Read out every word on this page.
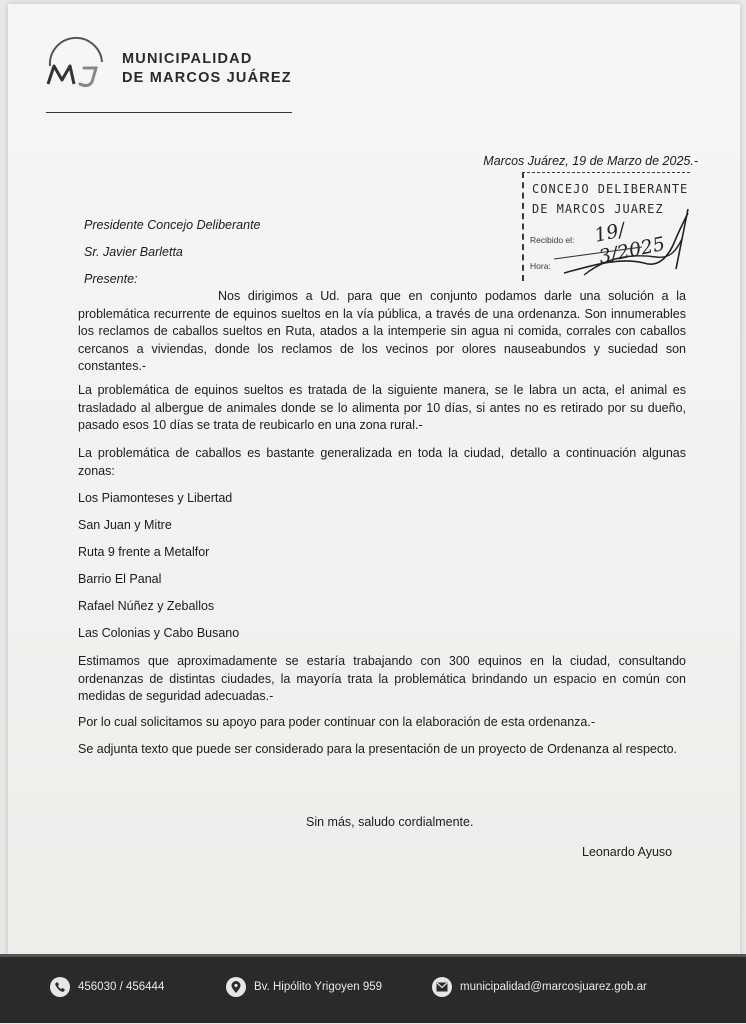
MUNICIPALIDAD
DE MARCOS JUÁREZ
Marcos Juárez, 19 de Marzo de 2025.-
CONCEJO DELIBERANTE
DE MARCOS JUAREZ
Recibido el:
Hora:
19/ 3/2025
Presidente Concejo Deliberante
Sr. Javier Barletta
Presente:
Nos dirigimos a Ud. para que en conjunto podamos darle una solución a la problemática recurrente de equinos sueltos en la vía pública, a través de una ordenanza. Son innumerables los reclamos de caballos sueltos en Ruta, atados a la intemperie sin agua ni comida, corrales con caballos cercanos a viviendas, donde los reclamos de los vecinos por olores nauseabundos y suciedad son constantes.-
La problemática de equinos sueltos es tratada de la siguiente manera, se le labra un acta, el animal es trasladado al albergue de animales donde se lo alimenta por 10 días, si antes no es retirado por su dueño, pasado esos 10 días se trata de reubicarlo en una zona rural.-
La problemática de caballos es bastante generalizada en toda la ciudad, detallo a continuación algunas zonas:
Los Piamonteses y Libertad
San Juan y Mitre
Ruta 9 frente a Metalfor
Barrio El Panal
Rafael Núñez y Zeballos
Las Colonias y Cabo Busano
Estimamos que aproximadamente se estaría trabajando con 300 equinos en la ciudad, consultando ordenanzas de distintas ciudades, la mayoría trata la problemática brindando un espacio en común con medidas de seguridad adecuadas.-
Por lo cual solicitamos su apoyo para poder continuar con la elaboración de esta ordenanza.-
Se adjunta texto que puede ser considerado para la presentación de un proyecto de Ordenanza al respecto.
Sin más, saludo cordialmente.
Leonardo Ayuso
456030 / 456444	Bv. Hipólito Yrigoyen 959	municipalidad@marcosjuarez.gob.ar
